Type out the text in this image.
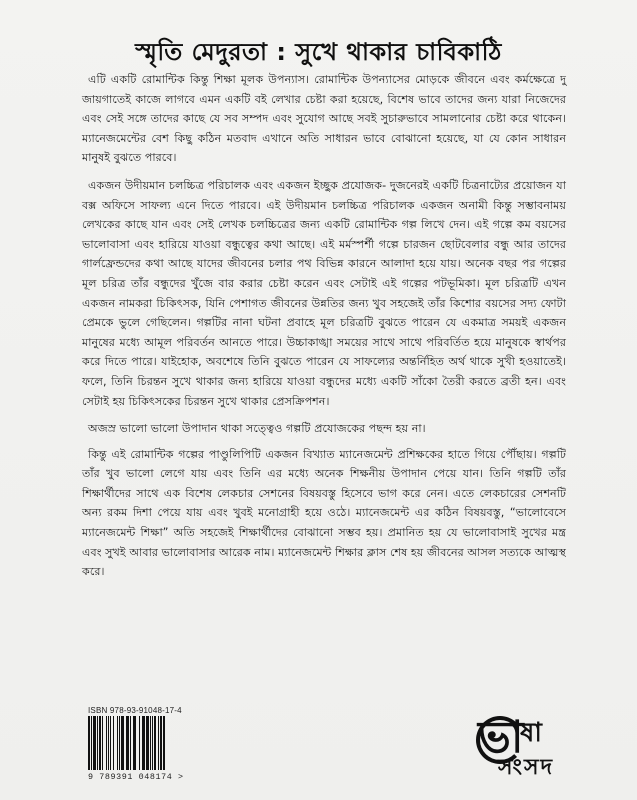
স্মৃতি মেদুরতা : সুখে থাকার চাবিকাঠি

এটি একটি রোমান্টিক কিন্তু শিক্ষা মূলক উপন্যাস। রোমান্টিক উপন্যাসের মোড়কে জীবনে এবং কর্মক্ষেত্রে দু জায়গাতেই কাজে লাগবে এমন একটি বই লেখার চেষ্টা করা হয়েছে, বিশেষ ভাবে তাদের জন্য যারা নিজেদের এবং সেই সঙ্গে তাদের কাছে যে সব সম্পদ এবং সুযোগ আছে সবই সুচারুভাবে সামলানোর চেষ্টা করে থাকেন। ম্যানেজমেন্টের বেশ কিছু কঠিন মতবাদ এখানে অতি সাধারন ভাবে বোঝানো হয়েছে, যা যে কোন সাধারন মানুষই বুঝতে পারবে।

একজন উদীয়মান চলচ্চিত্র পরিচালক এবং একজন ইচ্ছুক প্রযোজক- দুজনেরই একটি চিত্রনাট্যের প্রয়োজন যা বক্স অফিসে সাফল্য এনে দিতে পারবে। এই উদীয়মান চলচ্চিত্র পরিচালক একজন অনামী কিন্তু সম্ভাবনাময় লেখকের কাছে যান এবং সেই লেখক চলচ্চিত্রের জন্য একটি রোমান্টিক গল্প লিখে দেন। এই গল্পে কম বয়সের ভালোবাসা এবং হারিয়ে যাওয়া বন্ধুত্বের কথা আছে। এই মর্মস্পর্শী গল্পে চারজন ছোটবেলার বন্ধু আর তাদের গার্লফ্রেন্ডদের কথা আছে যাদের জীবনের চলার পথ বিভিন্ন কারনে আলাদা হয়ে যায়। অনেক বছর পর গল্পের মূল চরিত্র তাঁর বন্ধুদের খুঁজে বার করার চেষ্টা করেন এবং সেটাই এই গল্পের পটভূমিকা। মূল চরিত্রটি এখন একজন নামকরা চিকিৎসক, যিনি পেশাগত জীবনের উন্নতির জন্য খুব সহজেই তাঁর কিশোর বয়সের সদ্য ফোটা প্রেমকে ভুলে গেছিলেন। গল্পটির নানা ঘটনা প্রবাহে মূল চরিত্রটি বুঝতে পারেন যে একমাত্র সময়ই একজন মানুষের মধ্যে আমূল পরিবর্তন আনতে পারে। উচ্চাকাঙ্খা সময়ের সাথে সাথে পরিবর্তিত হয়ে মানুষকে স্বার্থপর করে দিতে পারে। যাইহোক, অবশেষে তিনি বুঝতে পারেন যে সাফল্যের অন্তর্নিহিত অর্থ থাকে সুখী হওয়াতেই। ফলে, তিনি চিরন্তন সুখে থাকার জন্য হারিয়ে যাওয়া বন্ধুদের মধ্যে একটি সাঁকো তৈরী করতে ব্রতী হন। এবং সেটাই হয় চিকিৎসকের চিরন্তন সুখে থাকার প্রেসক্রিপশন।

অজস্র ভালো ভালো উপাদান থাকা সত্ত্বেও গল্পটি প্রযোজকের পছন্দ হয় না।

কিন্তু এই রোমান্টিক গল্পের পাণ্ডুলিপিটি একজন বিখ্যাত ম্যানেজমেন্ট প্রশিক্ষকের হাতে গিয়ে পৌঁছায়। গল্পটি তাঁর খুব ভালো লেগে যায় এবং তিনি এর মধ্যে অনেক শিক্ষনীয় উপাদান পেয়ে যান। তিনি গল্পটি তাঁর শিক্ষার্থীদের সাথে এক বিশেষ লেকচার সেশনের বিষয়বস্তু হিসেবে ভাগ করে নেন। এতে লেকচারের সেশনটি অন্য রকম দিশা পেয়ে যায় এবং খুবই মনোগ্রাহী হয়ে ওঠে। ম্যানেজমেন্ট এর কঠিন বিষয়বস্তু, “ভালোবেসে ম্যানেজমেন্ট শিক্ষা” অতি সহজেই শিক্ষার্থীদের বোঝানো সম্ভব হয়। প্রমানিত হয় যে ভালোবাসাই সুখের মন্ত্র এবং সুখই আবার ভালোবাসার আরেক নাম। ম্যানেজমেন্ট শিক্ষার ক্লাস শেষ হয় জীবনের আসল সত্যকে আত্মস্থ করে।

ISBN 978-93-91048-17-4
9 789391 048174 >
ভা
ষা
সংসদ
